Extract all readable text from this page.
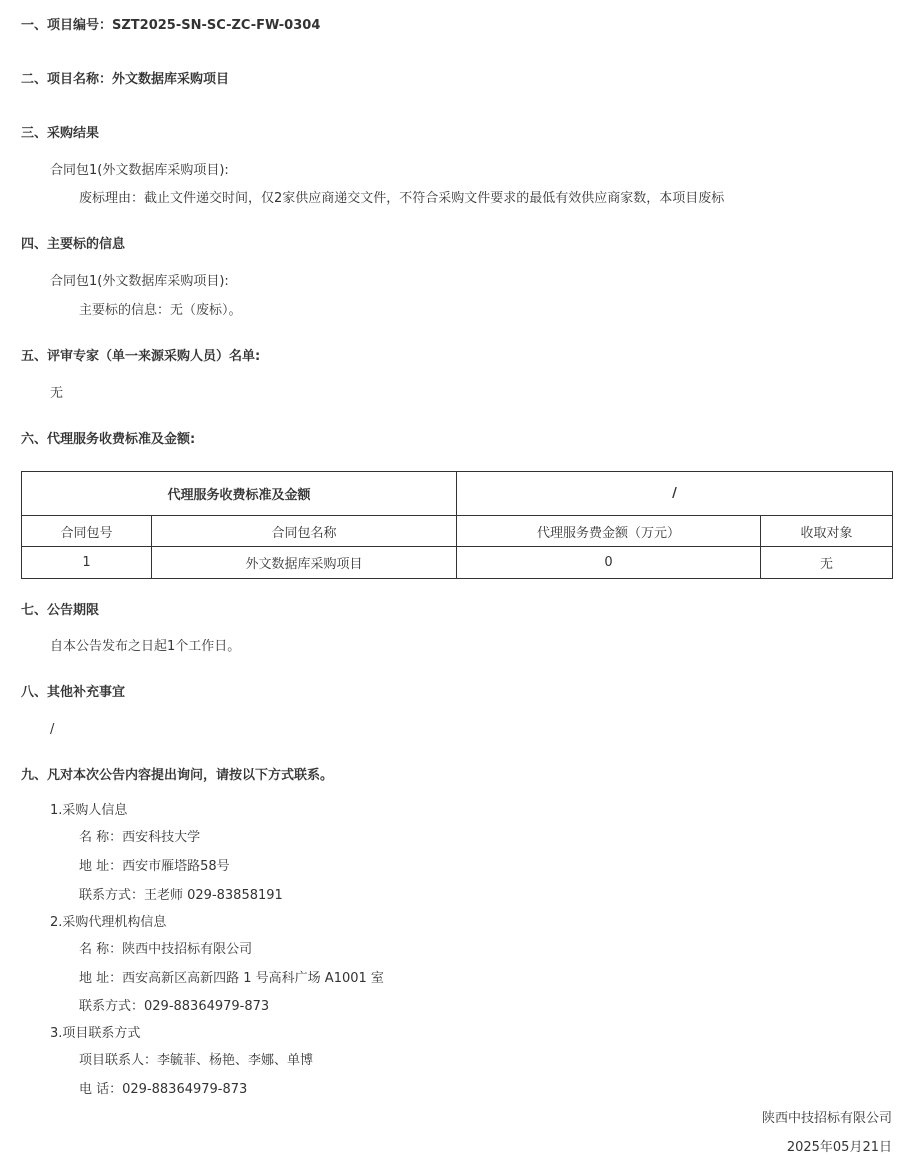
一、项目编号：SZT2025-SN-SC-ZC-FW-0304
二、项目名称：外文数据库采购项目
三、采购结果
合同包1(外文数据库采购项目):
废标理由：截止文件递交时间，仅2家供应商递交文件，不符合采购文件要求的最低有效供应商家数，本项目废标
四、主要标的信息
合同包1(外文数据库采购项目):
主要标的信息：无（废标）。
五、评审专家（单一来源采购人员）名单:
无
六、代理服务收费标准及金额:
代理服务收费标准及金额		/	
合同包号	合同包名称	代理服务费金额（万元）	收取对象
1	外文数据库采购项目	0	无
七、公告期限
自本公告发布之日起1个工作日。
八、其他补充事宜
/
九、凡对本次公告内容提出询问，请按以下方式联系。
1.采购人信息
名 称：西安科技大学
地 址：西安市雁塔路58号
联系方式：王老师 029-83858191
2.采购代理机构信息
名 称：陕西中技招标有限公司
地 址：西安高新区高新四路 1 号高科广场 A1001 室
联系方式：029-88364979-873
3.项目联系方式
项目联系人：李毓菲、杨艳、李娜、单博
电 话：029-88364979-873
陕西中技招标有限公司
2025年05月21日
